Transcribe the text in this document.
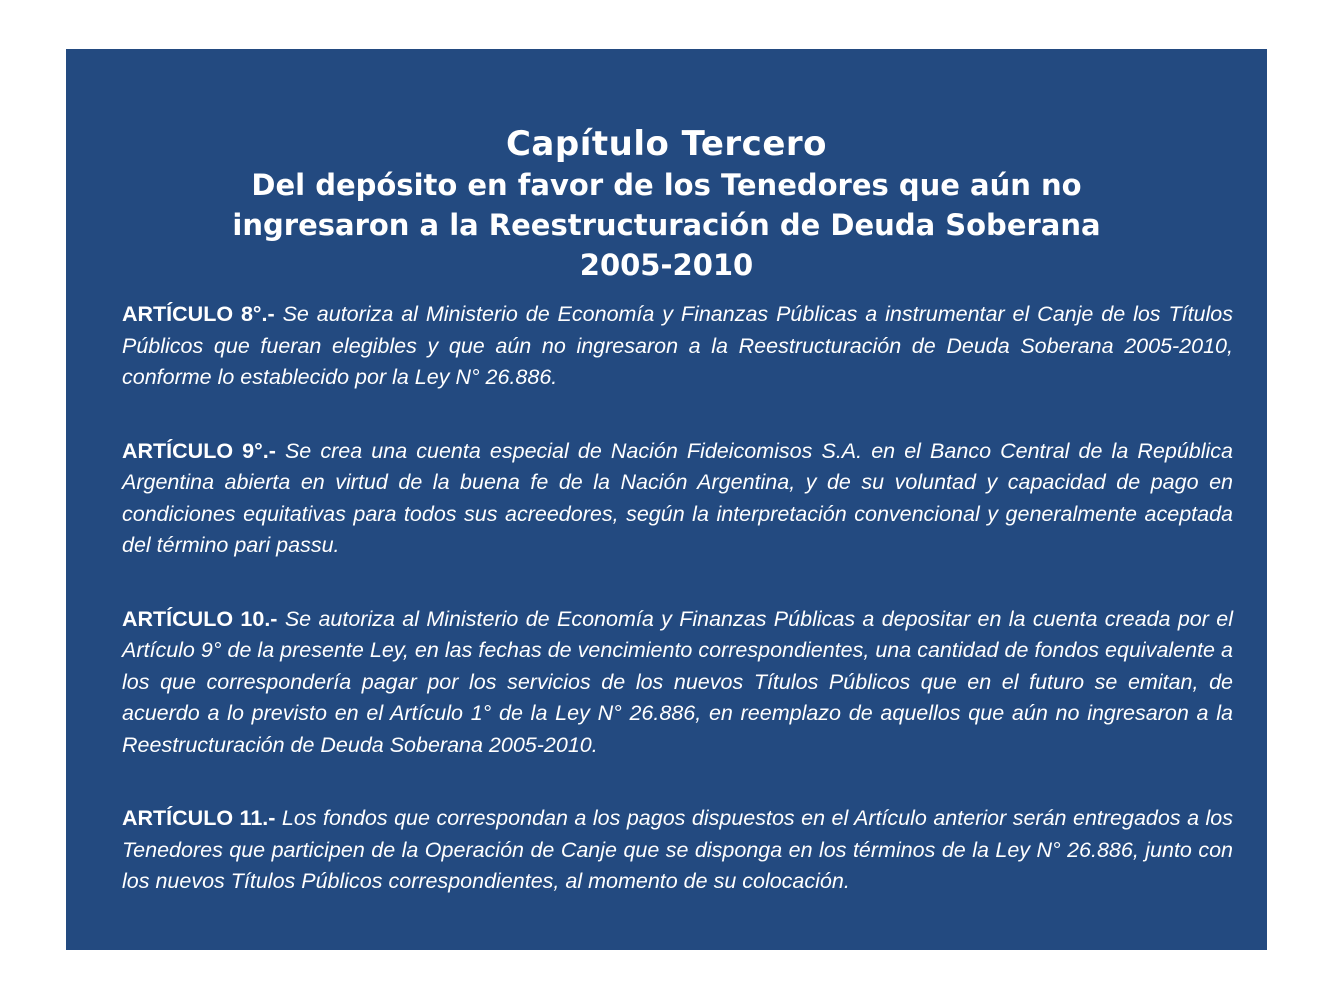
Capítulo Tercero
Del depósito en favor de los Tenedores que aún no
ingresaron a la Reestructuración de Deuda Soberana
2005-2010

ARTÍCULO 8°.- Se autoriza al Ministerio de Economía y Finanzas Públicas a instrumentar el Canje de los Títulos Públicos que fueran elegibles y que aún no ingresaron a la Reestructuración de Deuda Soberana 2005-2010, conforme lo establecido por la Ley N° 26.886.

ARTÍCULO 9°.- Se crea una cuenta especial de Nación Fideicomisos S.A. en el Banco Central de la República Argentina abierta en virtud de la buena fe de la Nación Argentina, y de su voluntad y capacidad de pago en condiciones equitativas para todos sus acreedores, según la interpretación convencional y generalmente aceptada del término pari passu.

ARTÍCULO 10.- Se autoriza al Ministerio de Economía y Finanzas Públicas a depositar en la cuenta creada por el Artículo 9° de la presente Ley, en las fechas de vencimiento correspondientes, una cantidad de fondos equivalente a los que correspondería pagar por los servicios de los nuevos Títulos Públicos que en el futuro se emitan, de acuerdo a lo previsto en el Artículo 1° de la Ley N° 26.886, en reemplazo de aquellos que aún no ingresaron a la Reestructuración de Deuda Soberana 2005-2010.

ARTÍCULO 11.- Los fondos que correspondan a los pagos dispuestos en el Artículo anterior serán entregados a los Tenedores que participen de la Operación de Canje que se disponga en los términos de la Ley N° 26.886, junto con los nuevos Títulos Públicos correspondientes, al momento de su colocación.
